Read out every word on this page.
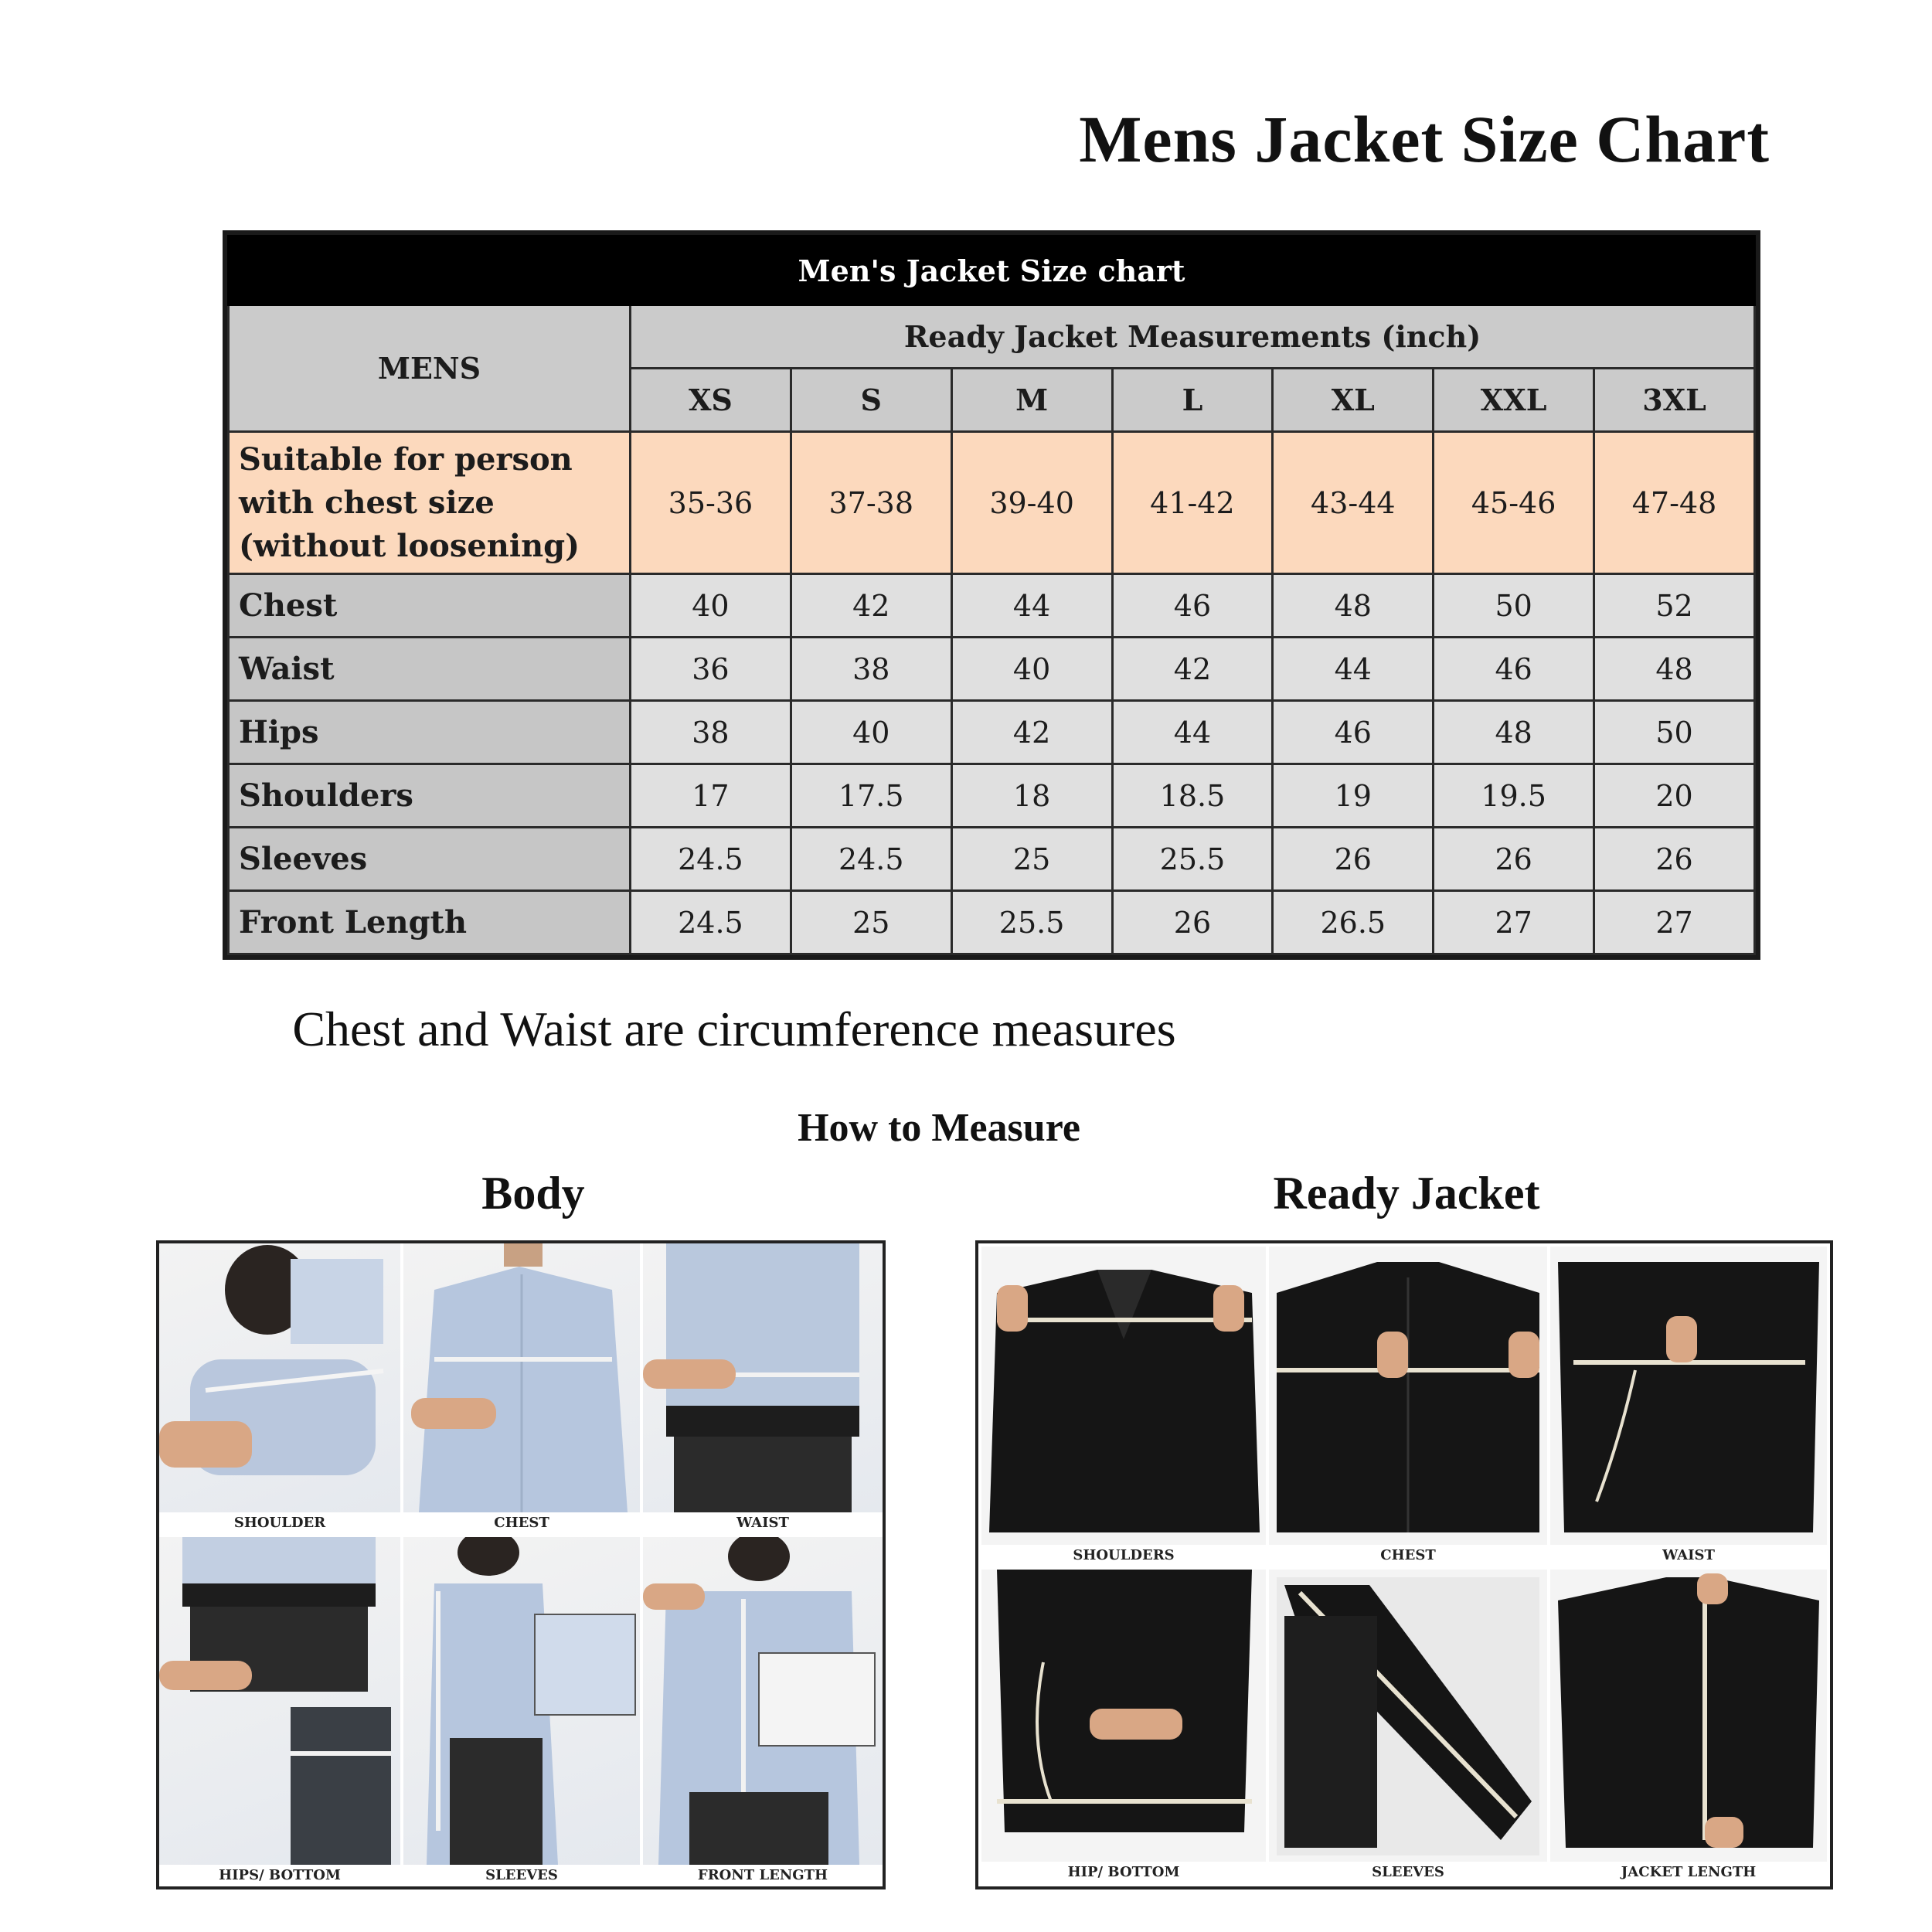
Mens Jacket Size Chart
Men's Jacket Size chart							
MENS	Ready Jacket Measurements (inch)						
	XS	S	M	L	XL	XXL	3XL

Suitable for person
with chest size
(without loosening)	35-36	37-38	39-40	41-42	43-44	45-46	47-48
Chest	40	42	44	46	48	50	52
Waist	36	38	40	42	44	46	48
Hips	38	40	42	44	46	48	50
Shoulders	17	17.5	18	18.5	19	19.5	20
Sleeves	24.5	24.5	25	25.5	26	26	26
Front Length	24.5	25	25.5	26	26.5	27	27
Chest and Waist are circumference measures
How to Measure
Body	Ready Jacket
SHOULDER	CHEST	WAIST
HIPS/ BOTTOM	SLEEVES	FRONT LENGTH
SHOULDERS	CHEST	WAIST
HIP/ BOTTOM	SLEEVES	JACKET LENGTH
